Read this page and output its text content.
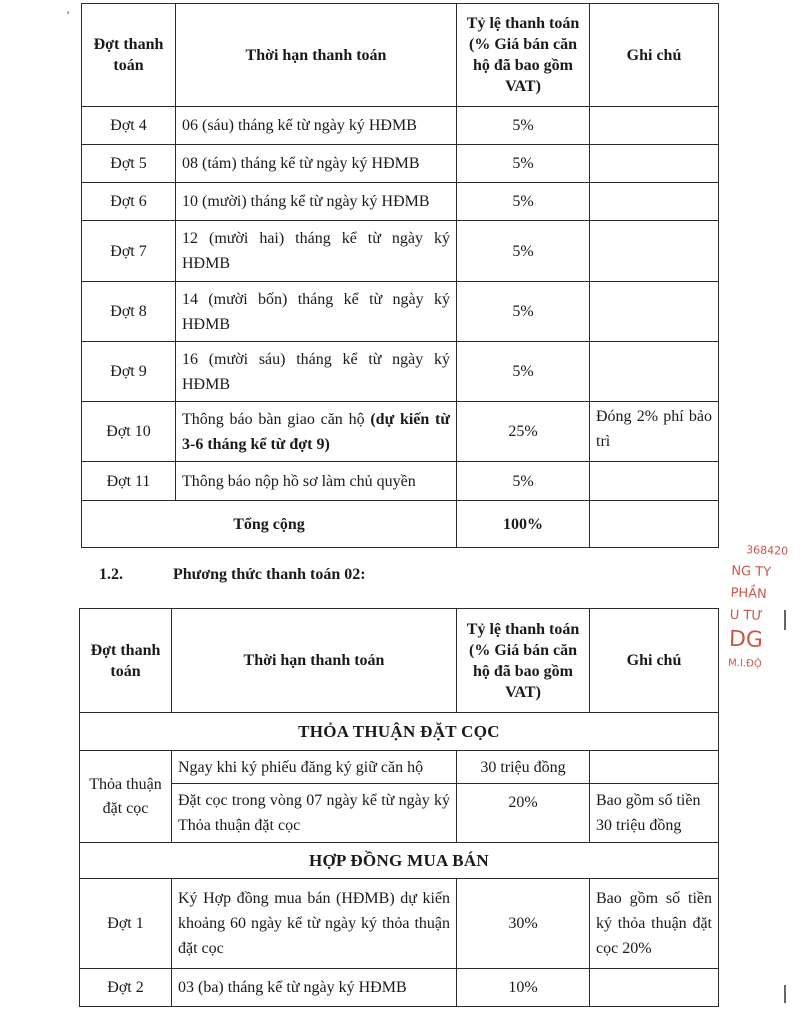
’
Đợt thanh toán	Thời hạn thanh toán	Tỷ lệ thanh toán (% Giá bán căn hộ đã bao gồm VAT)	Ghi chú
Đợt 4	06 (sáu) tháng kể từ ngày ký HĐMB	5%	
Đợt 5	08 (tám) tháng kể từ ngày ký HĐMB	5%	
Đợt 6	10 (mười) tháng kể từ ngày ký HĐMB	5%	
Đợt 7	12 (mười hai) tháng kể từ ngày ký HĐMB	5%	
Đợt 8	14 (mười bốn) tháng kể từ ngày ký HĐMB	5%	
Đợt 9	16 (mười sáu) tháng kể từ ngày ký HĐMB	5%	
Đợt 10	Thông báo bàn giao căn hộ (dự kiến từ 3-6 tháng kể từ đợt 9)	25%	Đóng 2% phí bảo trì
Đợt 11	Thông báo nộp hồ sơ làm chủ quyền	5%	
Tổng cộng		100%	
1.2.	Phương thức thanh toán 02:
Đợt thanh toán	Thời hạn thanh toán	Tỷ lệ thanh toán (% Giá bán căn hộ đã bao gồm VAT)	Ghi chú
THỎA THUẬN ĐẶT CỌC			
Thỏa thuận đặt cọc	Ngay khi ký phiếu đăng ký giữ căn hộ	30 triệu đồng	
	Đặt cọc trong vòng 07 ngày kể từ ngày ký Thỏa thuận đặt cọc	20%	Bao gồm số tiền 30 triệu đồng
HỢP ĐỒNG MUA BÁN			
Đợt 1	Ký Hợp đồng mua bán (HĐMB) dự kiến khoảng 60 ngày kể từ ngày ký thỏa thuận đặt cọc	30%	Bao gồm số tiền ký thỏa thuận đặt cọc 20%
Đợt 2	03 (ba) tháng kể từ ngày ký HĐMB	10%	
368420
NG TY
PHẦN
U TƯ
DG
M.I.ĐỘ
